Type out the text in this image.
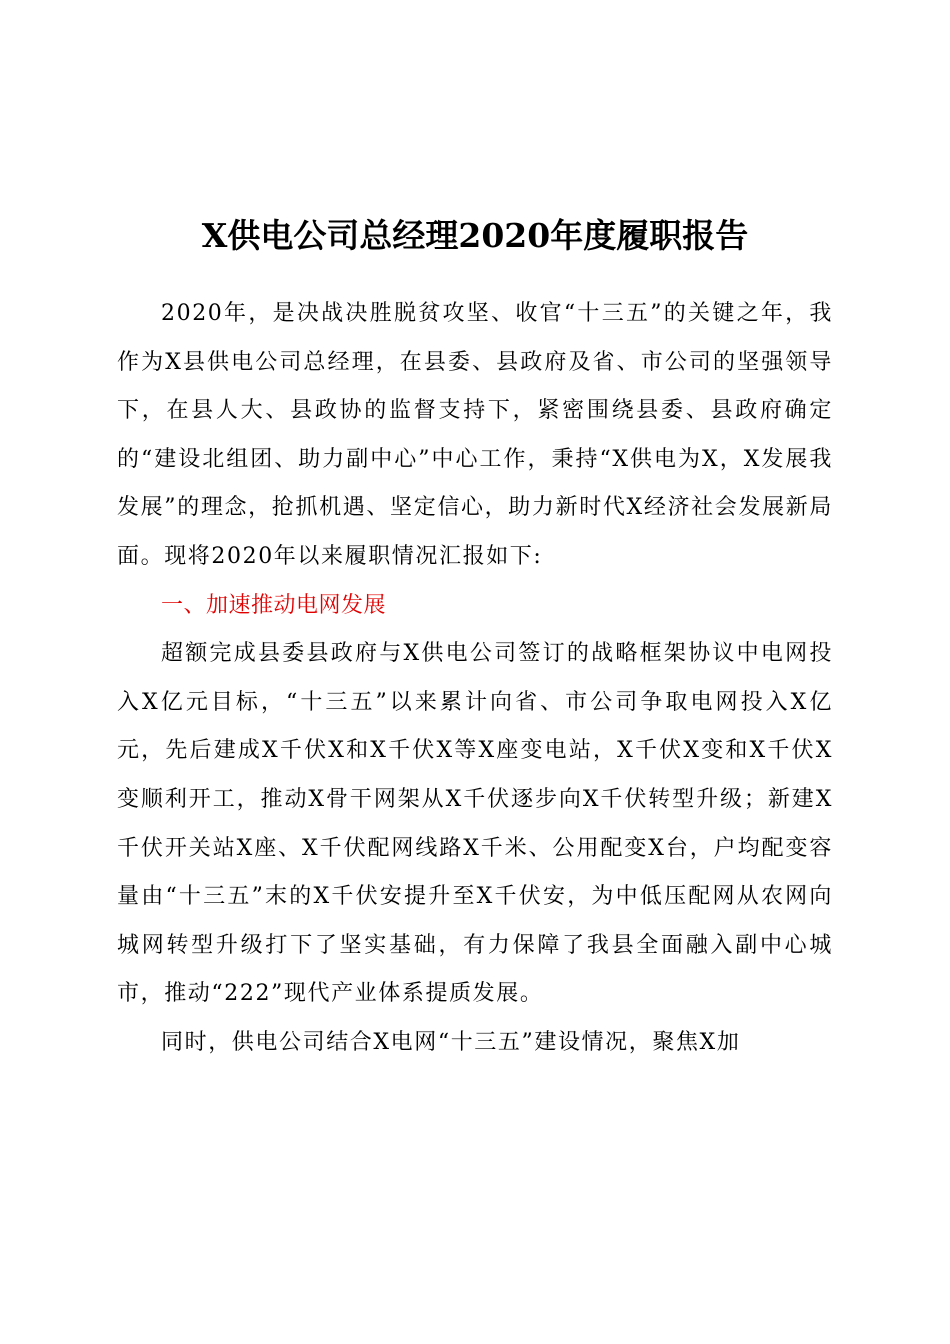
X供电公司总经理2020年度履职报告

2020年，是决战决胜脱贫攻坚、收官“十三五”的关键之年，我作为X县供电公司总经理，在县委、县政府及省、市公司的坚强领导下，在县人大、县政协的监督支持下，紧密围绕县委、县政府确定的“建设北组团、助力副中心”中心工作，秉持“X供电为X，X发展我发展”的理念，抢抓机遇、坚定信心，助力新时代X经济社会发展新局面。现将2020年以来履职情况汇报如下:

一、加速推动电网发展

超额完成县委县政府与X供电公司签订的战略框架协议中电网投入X亿元目标，“十三五”以来累计向省、市公司争取电网投入X亿元，先后建成X千伏X和X千伏X等X座变电站，X千伏X变和X千伏X变顺利开工，推动X骨干网架从X千伏逐步向X千伏转型升级；新建X千伏开关站X座、X千伏配网线路X千米、公用配变X台，户均配变容量由“十三五”末的X千伏安提升至X千伏安，为中低压配网从农网向城网转型升级打下了坚实基础，有力保障了我县全面融入副中心城市，推动“222”现代产业体系提质发展。

同时，供电公司结合X电网“十三五”建设情况，聚焦X加
